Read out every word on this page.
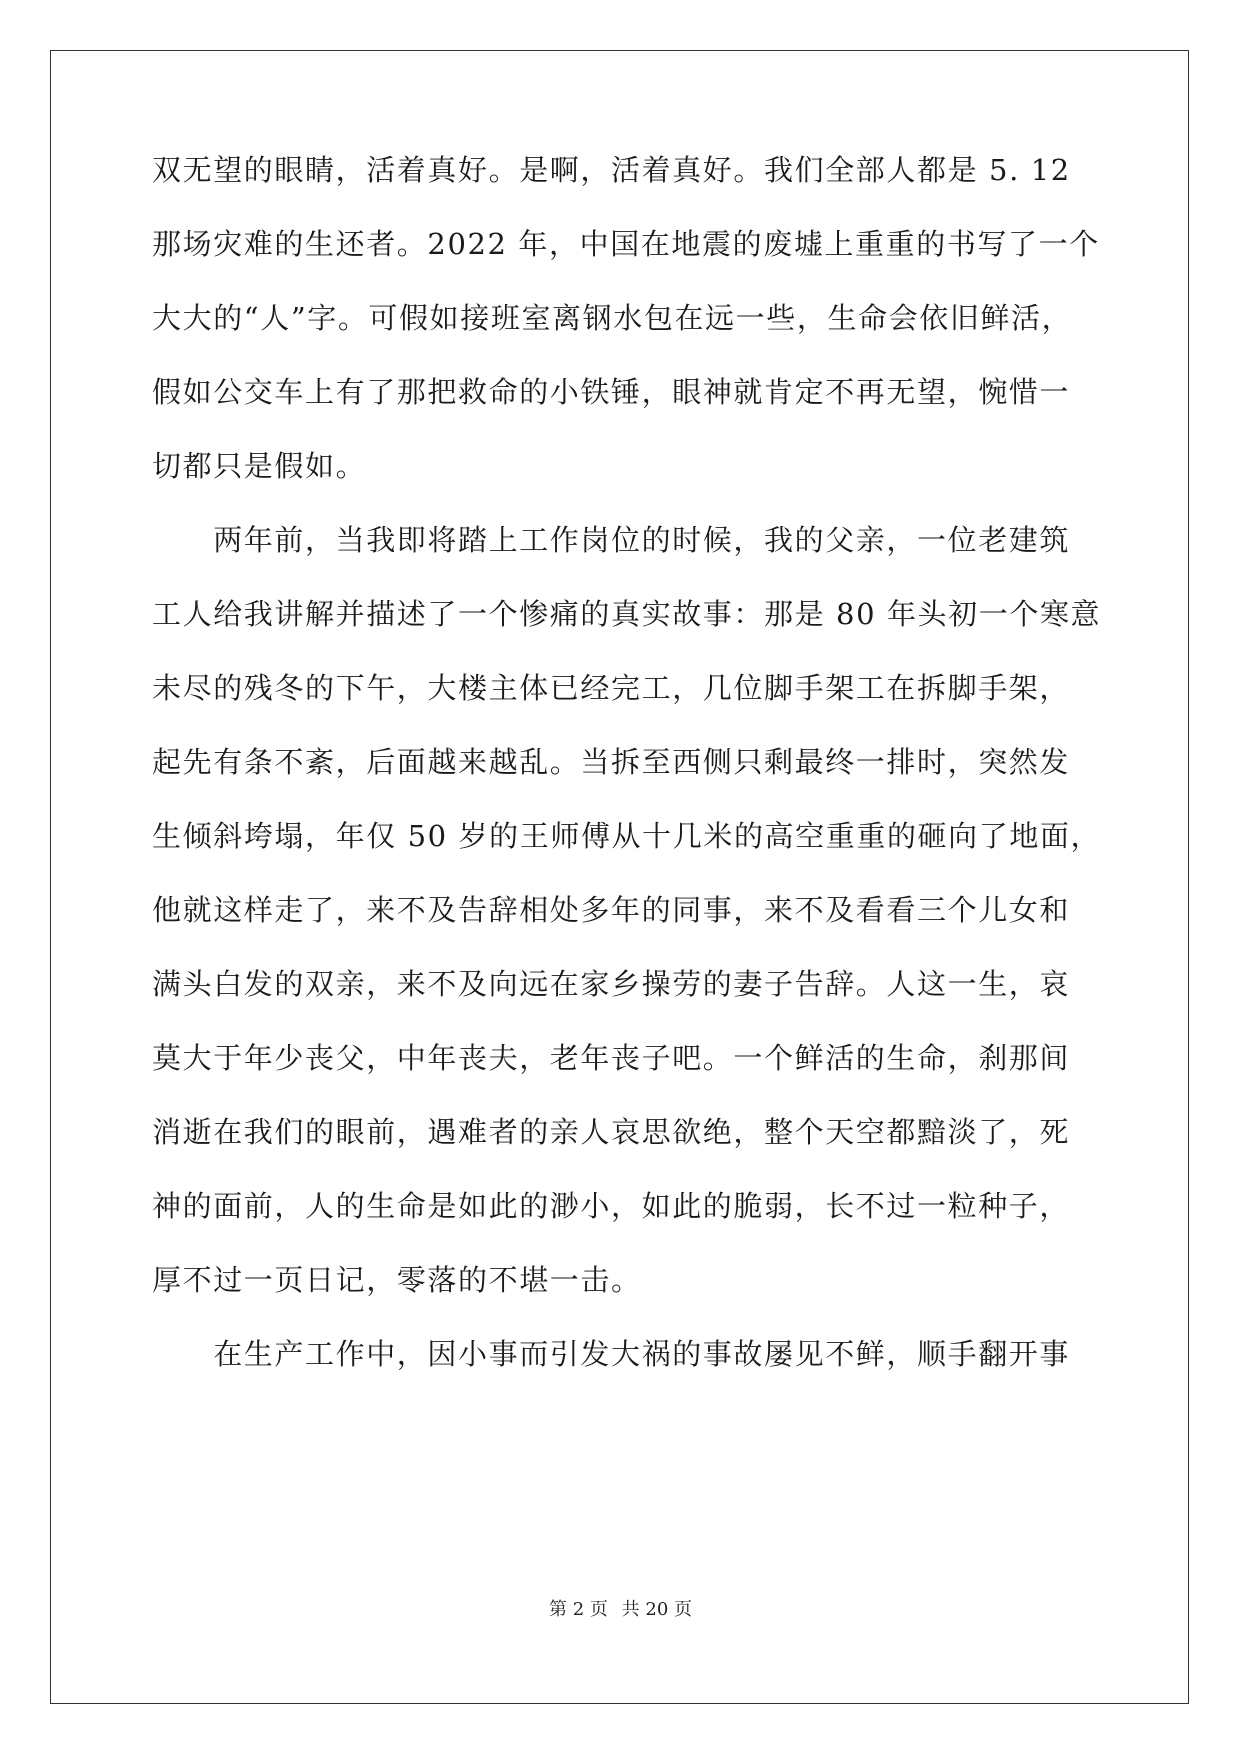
双无望的眼睛，活着真好。是啊，活着真好。我们全部人都是 5. 12
那场灾难的生还者。2022 年，中国在地震的废墟上重重的书写了一个
大大的“人”字。可假如接班室离钢水包在远一些，生命会依旧鲜活，
假如公交车上有了那把救命的小铁锤，眼神就肯定不再无望，惋惜一
切都只是假如。
　　两年前，当我即将踏上工作岗位的时候，我的父亲，一位老建筑
工人给我讲解并描述了一个惨痛的真实故事：那是 80 年头初一个寒意
未尽的残冬的下午，大楼主体已经完工，几位脚手架工在拆脚手架，
起先有条不紊，后面越来越乱。当拆至西侧只剩最终一排时，突然发
生倾斜垮塌，年仅 50 岁的王师傅从十几米的高空重重的砸向了地面，
他就这样走了，来不及告辞相处多年的同事，来不及看看三个儿女和
满头白发的双亲，来不及向远在家乡操劳的妻子告辞。人这一生，哀
莫大于年少丧父，中年丧夫，老年丧子吧。一个鲜活的生命，刹那间
消逝在我们的眼前，遇难者的亲人哀思欲绝，整个天空都黯淡了，死
神的面前，人的生命是如此的渺小，如此的脆弱，长不过一粒种子，
厚不过一页日记，零落的不堪一击。
　　在生产工作中，因小事而引发大祸的事故屡见不鲜，顺手翻开事
第 2 页 共 20 页
